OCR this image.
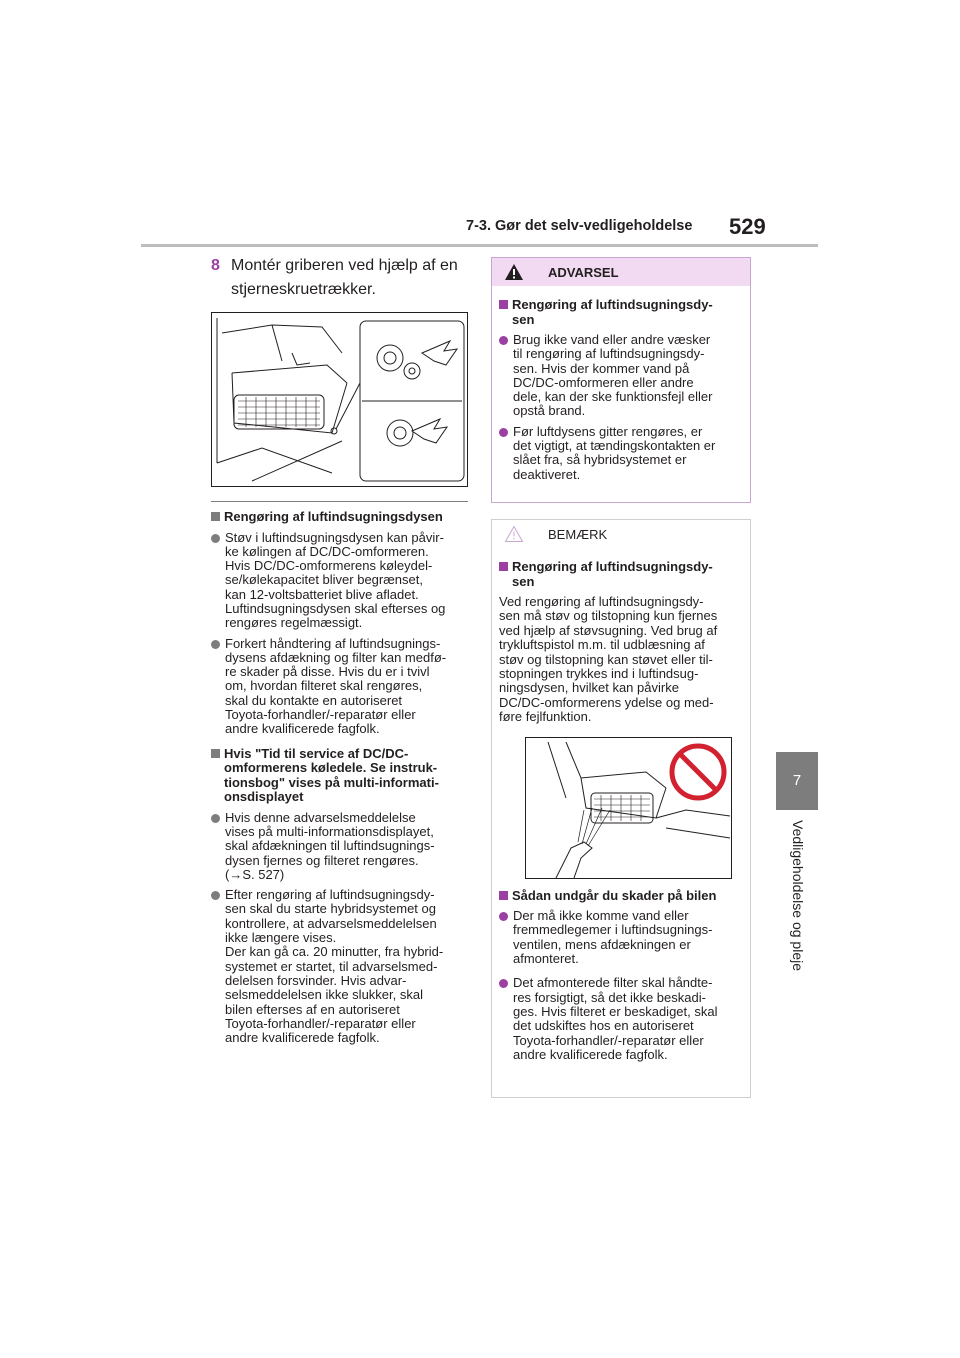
7-3. Gør det selv-vedligeholdelse 529
7
Vedligeholdelse og pleje
8 Montér griberen ved hjælp af en stjerneskruetrækker.
Rengøring af luftindsugningsdysen
Støv i luftindsugningsdysen kan påvir-
ke kølingen af DC/DC-omformeren.
Hvis DC/DC-omformerens køleydel-
se/kølekapacitet bliver begrænset,
kan 12-voltsbatteriet blive afladet.
Luftindsugningsdysen skal efterses og
rengøres regelmæssigt.
Forkert håndtering af luftindsugnings-
dysens afdækning og filter kan medfø-
re skader på disse. Hvis du er i tvivl
om, hvordan filteret skal rengøres,
skal du kontakte en autoriseret
Toyota-forhandler/-reparatør eller
andre kvalificerede fagfolk.
Hvis "Tid til service af DC/DC-
omformerens køledele. Se instruk-
tionsbog" vises på multi-informati-
onsdisplayet
Hvis denne advarselsmeddelelse
vises på multi-informationsdisplayet,
skal afdækningen til luftindsugnings-
dysen fjernes og filteret rengøres.
(→S. 527)
Efter rengøring af luftindsugningsdy-
sen skal du starte hybridsystemet og
kontrollere, at advarselsmeddelelsen
ikke længere vises.
Der kan gå ca. 20 minutter, fra hybrid-
systemet er startet, til advarselsmed-
delelsen forsvinder. Hvis advar-
selsmeddelelsen ikke slukker, skal
bilen efterses af en autoriseret
Toyota-forhandler/-reparatør eller
andre kvalificerede fagfolk.
ADVARSEL
Rengøring af luftindsugningsdy-
sen
Brug ikke vand eller andre væsker
til rengøring af luftindsugningsdy-
sen. Hvis der kommer vand på
DC/DC-omformeren eller andre
dele, kan der ske funktionsfejl eller
opstå brand.
Før luftdysens gitter rengøres, er
det vigtigt, at tændingskontakten er
slået fra, så hybridsystemet er
deaktiveret.
BEMÆRK
Rengøring af luftindsugningsdy-
sen
Ved rengøring af luftindsugningsdy-
sen må støv og tilstopning kun fjernes
ved hjælp af støvsugning. Ved brug af
trykluftspistol m.m. til udblæsning af
støv og tilstopning kan støvet eller til-
stopningen trykkes ind i luftindsug-
ningsdysen, hvilket kan påvirke
DC/DC-omformerens ydelse og med-
føre fejlfunktion.
Sådan undgår du skader på bilen
Der må ikke komme vand eller
fremmedlegemer i luftindsugnings-
ventilen, mens afdækningen er
afmonteret.
Det afmonterede filter skal håndte-
res forsigtigt, så det ikke beskadi-
ges. Hvis filteret er beskadiget, skal
det udskiftes hos en autoriseret
Toyota-forhandler/-reparatør eller
andre kvalificerede fagfolk.
